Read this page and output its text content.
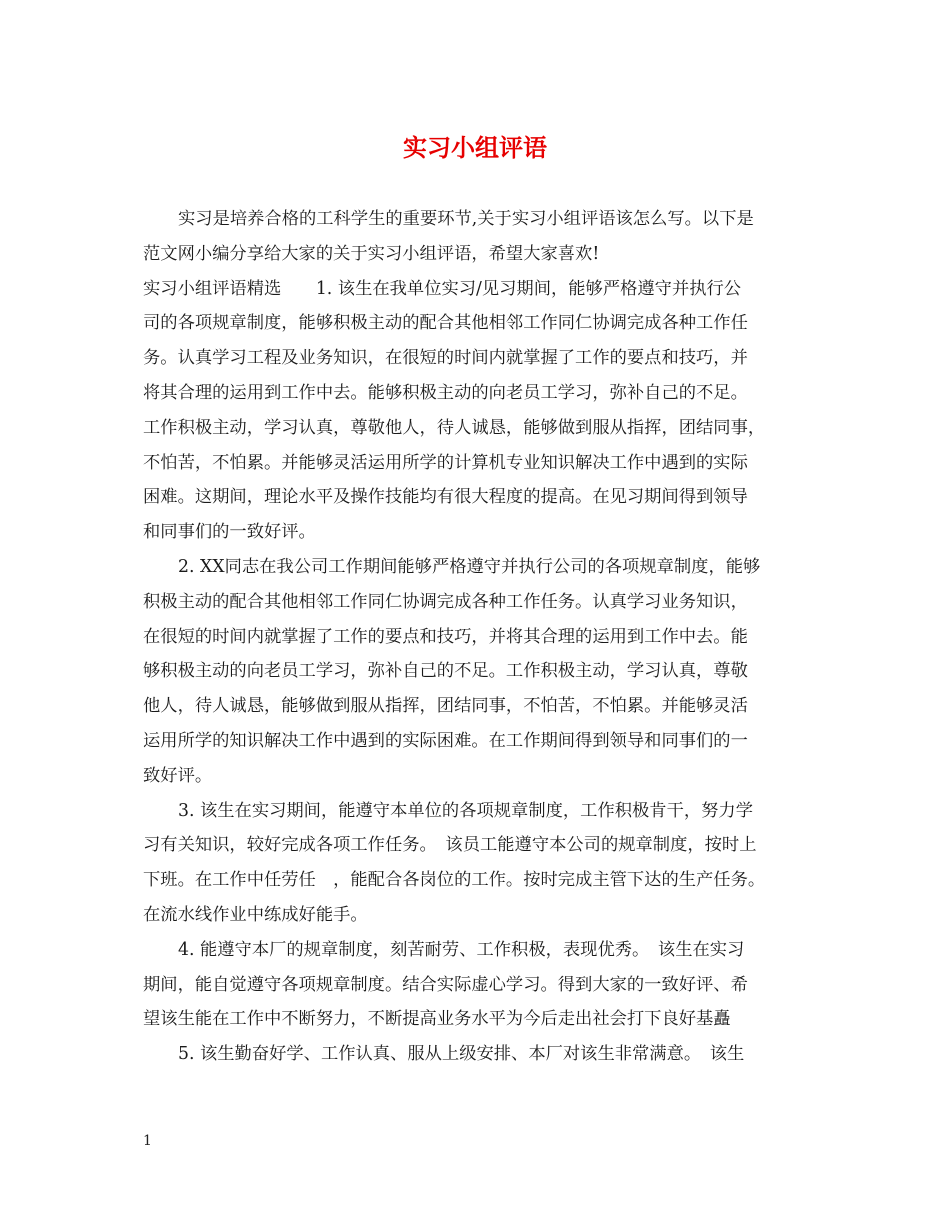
实习小组评语

实习是培养合格的工科学生的重要环节,关于实习小组评语该怎么写。以下是
范文网小编分享给大家的关于实习小组评语，希望大家喜欢!

实习小组评语精选　　1. 该生在我单位实习/见习期间，能够严格遵守并执行公
司的各项规章制度，能够积极主动的配合其他相邻工作同仁协调完成各种工作任
务。认真学习工程及业务知识，在很短的时间内就掌握了工作的要点和技巧，并
将其合理的运用到工作中去。能够积极主动的向老员工学习，弥补自己的不足。
工作积极主动，学习认真，尊敬他人，待人诚恳，能够做到服从指挥，团结同事，
不怕苦，不怕累。并能够灵活运用所学的计算机专业知识解决工作中遇到的实际
困难。这期间，理论水平及操作技能均有很大程度的提高。在见习期间得到领导
和同事们的一致好评。

2. XX同志在我公司工作期间能够严格遵守并执行公司的各项规章制度，能够
积极主动的配合其他相邻工作同仁协调完成各种工作任务。认真学习业务知识，
在很短的时间内就掌握了工作的要点和技巧，并将其合理的运用到工作中去。能
够积极主动的向老员工学习，弥补自己的不足。工作积极主动，学习认真，尊敬
他人，待人诚恳，能够做到服从指挥，团结同事，不怕苦，不怕累。并能够灵活
运用所学的知识解决工作中遇到的实际困难。在工作期间得到领导和同事们的一
致好评。

3. 该生在实习期间，能遵守本单位的各项规章制度，工作积极肯干，努力学
习有关知识，较好完成各项工作任务。　该员工能遵守本公司的规章制度，按时上
下班。在工作中任劳任　，能配合各岗位的工作。按时完成主管下达的生产任务。
在流水线作业中练成好能手。

4. 能遵守本厂的规章制度，刻苦耐劳、工作积极，表现优秀。　该生在实习
期间，能自觉遵守各项规章制度。结合实际虚心学习。得到大家的一致好评、希
望该生能在工作中不断努力，不断提高业务水平为今后走出社会打下良好基矗

5. 该生勤奋好学、工作认真、服从上级安排、本厂对该生非常满意。　该生

1
